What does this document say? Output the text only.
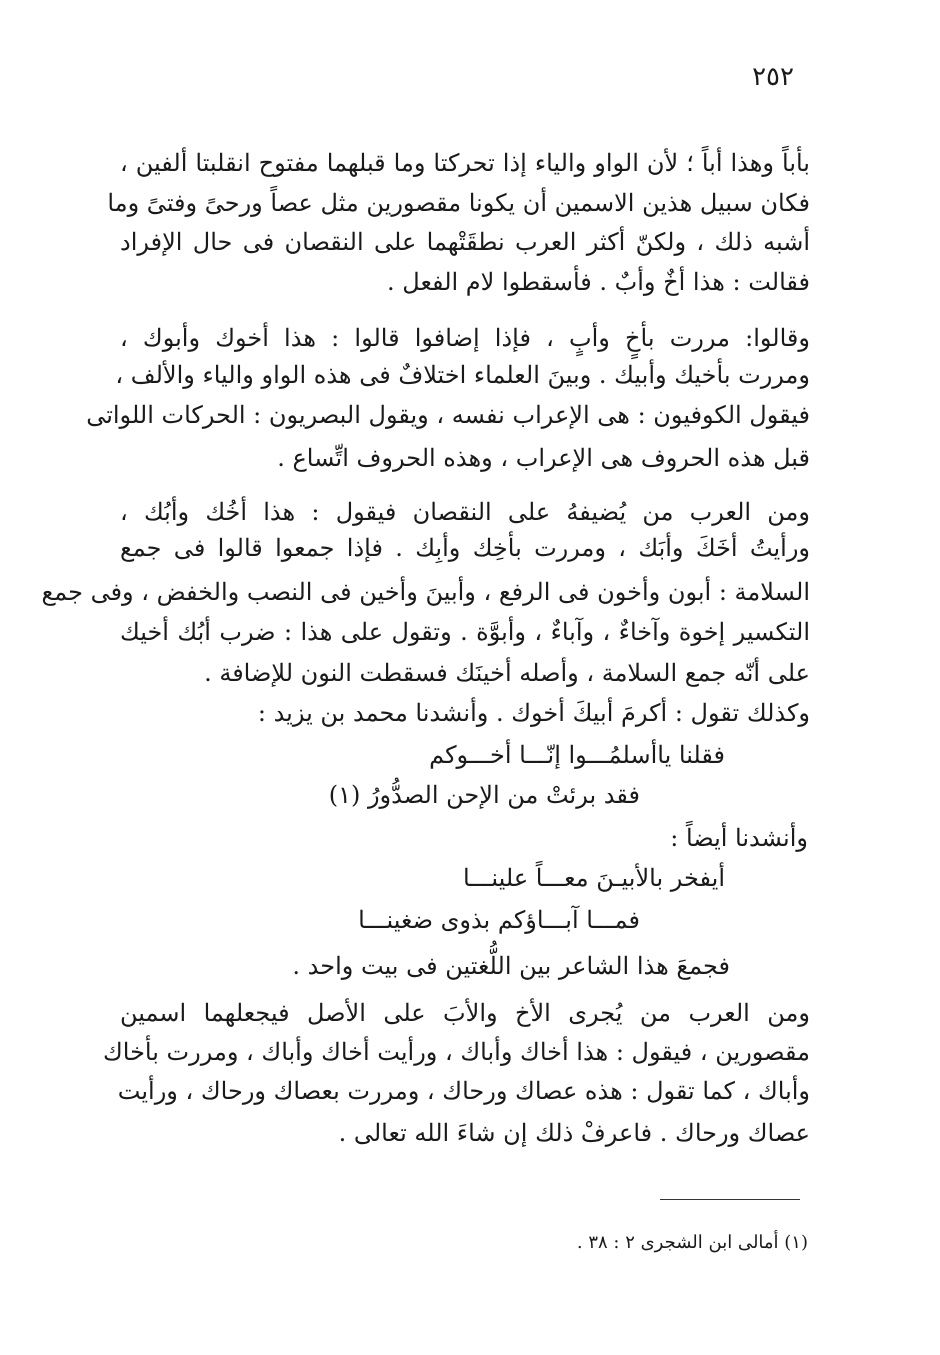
٢٥٢
بأباً وهذا أباً ؛ لأن الواو والياء إذا تحركتا وما قبلهما مفتوح انقلبتا ألفين ،
فكان سبيل هذين الاسمين أن يكونا مقصورين مثل عصاً ورحىً وفتىً وما
أشبه ذلك ، ولكنّ أكثر العرب نطقَتْهما على النقصان فى حال الإفراد
فقالت : هذا أخٌ وأبٌ . فأسقطوا لام الفعل .
وقالوا: مررت بأخٍ وأبٍ ، فإذا إضافوا قالوا : هذا أخوك وأبوك ،
ومررت بأخيك وأبيك . وبينَ العلماء اختلافٌ فى هذه الواو والياء والألف ،
فيقول الكوفيون : هى الإعراب نفسه ، ويقول البصريون : الحركات اللواتى
قبل هذه الحروف هى الإعراب ، وهذه الحروف اتِّساع .
ومن العرب من يُضيفهُ على النقصان فيقول : هذا أخُك وأبُك ،
ورأيتُ أخَكَ وأبَك ، ومررت بأخِك وأبِك . فإذا جمعوا قالوا فى جمع
السلامة : أبون وأخون فى الرفع ، وأبينَ وأخين فى النصب والخفض ، وفى جمع
التكسير إخوة وآخاءٌ ، وآباءٌ ، وأبوَّة . وتقول على هذا : ضرب أبُك أخيك
على أنّه جمع السلامة ، وأصله أخينَك فسقطت النون للإضافة .
وكذلك تقول : أكرمَ أبيكَ أخوك . وأنشدنا محمد بن يزيد :
فقلنا ياأسلمُـــوا إنّـــا أخـــوكم
فقد برئتْ من الإحن الصدُّورُ (١)
وأنشدنا أيضاً :
أيفخر بالأبيـنَ معـــاً علينـــا
فمـــا آبـــاؤكم بذوى ضغينـــا
فجمعَ هذا الشاعر بين اللُّغتين فى بيت واحد .
ومن العرب من يُجرى الأخ والأبَ على الأصل فيجعلهما اسمين
مقصورين ، فيقول : هذا أخاك وأباك ، ورأيت أخاك وأباك ، ومررت بأخاك
وأباك ، كما تقول : هذه عصاك ورحاك ، ومررت بعصاك ورحاك ، ورأيت
عصاك ورحاك . فاعرفْ ذلك إن شاءَ الله تعالى .
(١) أمالى ابن الشجرى ٢ : ٣٨ .
